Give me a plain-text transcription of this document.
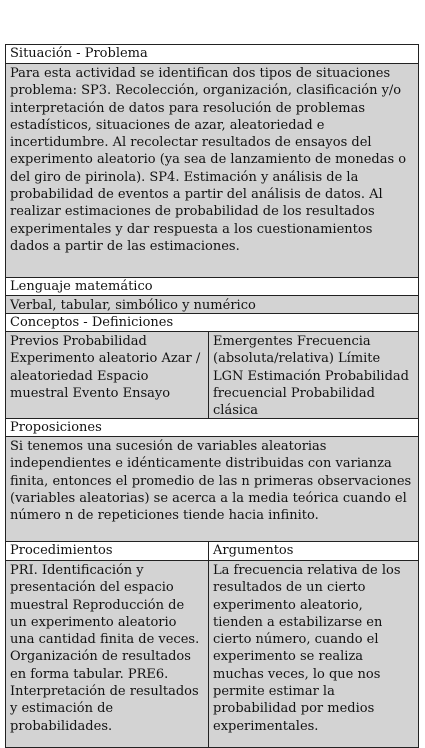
Situación - Problema
Para esta actividad se identifican dos tipos de situaciones problema: SP3. Recolección, organización, clasificación y/o interpretación de datos para resolución de problemas estadísticos, situaciones de azar, aleatoriedad e incertidumbre. Al recolectar resultados de ensayos del experimento aleatorio (ya sea de lanzamiento de monedas o del giro de pirinola). SP4. Estimación y análisis de la probabilidad de eventos a partir del análisis de datos. Al realizar estimaciones de probabilidad de los resultados experimentales y dar respuesta a los cuestionamientos dados a partir de las estimaciones.
Lenguaje matemático
Verbal, tabular, simbólico y numérico
Conceptos - Definiciones
Previos Probabilidad Experimento aleatorio Azar / aleatoriedad Espacio muestral Evento Ensayo
Emergentes Frecuencia (absoluta/relativa) Límite LGN Estimación Probabilidad frecuencial Probabilidad clásica
Proposiciones
Si tenemos una sucesión de variables aleatorias independientes e idénticamente distribuidas con varianza finita, entonces el promedio de las n primeras observaciones (variables aleatorias) se acerca a la media teórica cuando el número n de repeticiones tiende hacia infinito.
Procedimientos	Argumentos
PRI. Identificación y presentación del espacio muestral Reproducción de un experimento aleatorio una cantidad finita de veces. Organización de resultados en forma tabular. PRE6. Interpretación de resultados y estimación de probabilidades.
La frecuencia relativa de los resultados de un cierto experimento aleatorio, tienden a estabilizarse en cierto número, cuando el experimento se realiza muchas veces, lo que nos permite estimar la probabilidad por medios experimentales.
